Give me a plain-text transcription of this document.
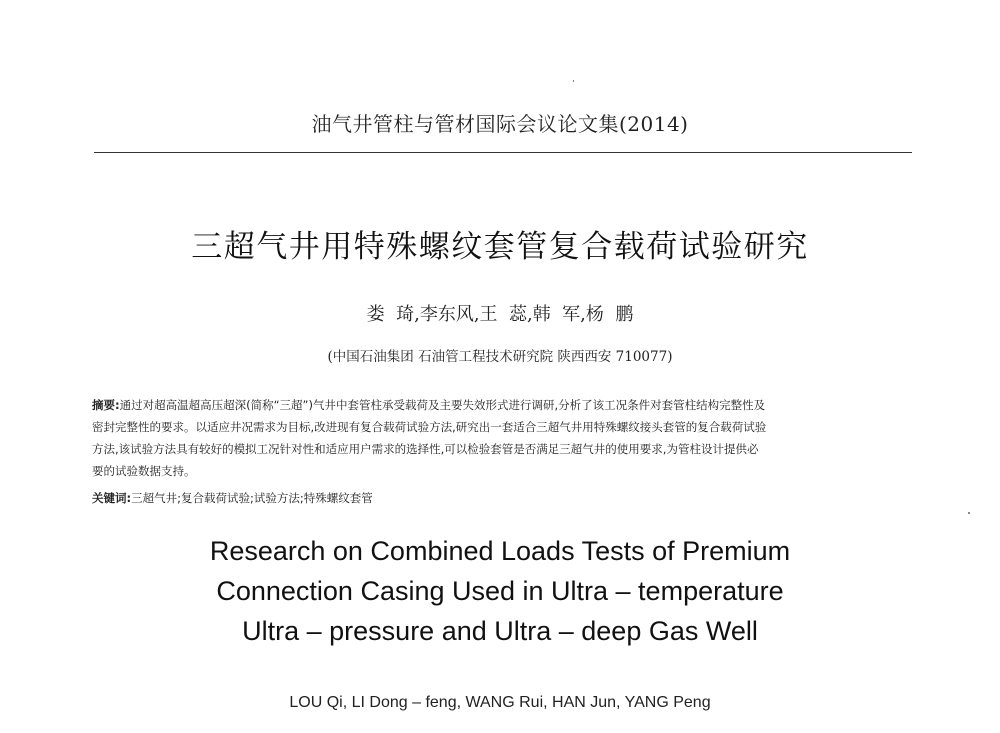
油气井管柱与管材国际会议论文集(2014)
三超气井用特殊螺纹套管复合载荷试验研究
娄  琦,李东风,王  蕊,韩  军,杨  鹏
(中国石油集团 石油管工程技术研究院 陕西西安 710077)
摘要:通过对超高温超高压超深(简称“三超”)气井中套管柱承受载荷及主要失效形式进行调研,分析了该工况条件对套管柱结构完整性及
密封完整性的要求。以适应井况需求为目标,改进现有复合载荷试验方法,研究出一套适合三超气井用特殊螺纹接头套管的复合载荷试验
方法,该试验方法具有较好的模拟工况针对性和适应用户需求的选择性,可以检验套管是否满足三超气井的使用要求,为管柱设计提供必
要的试验数据支持。
关键词:三超气井;复合载荷试验;试验方法;特殊螺纹套管
Research on Combined Loads Tests of Premium
Connection Casing Used in Ultra – temperature
Ultra – pressure and Ultra – deep Gas Well
LOU Qi, LI Dong – feng, WANG Rui, HAN Jun, YANG Peng
